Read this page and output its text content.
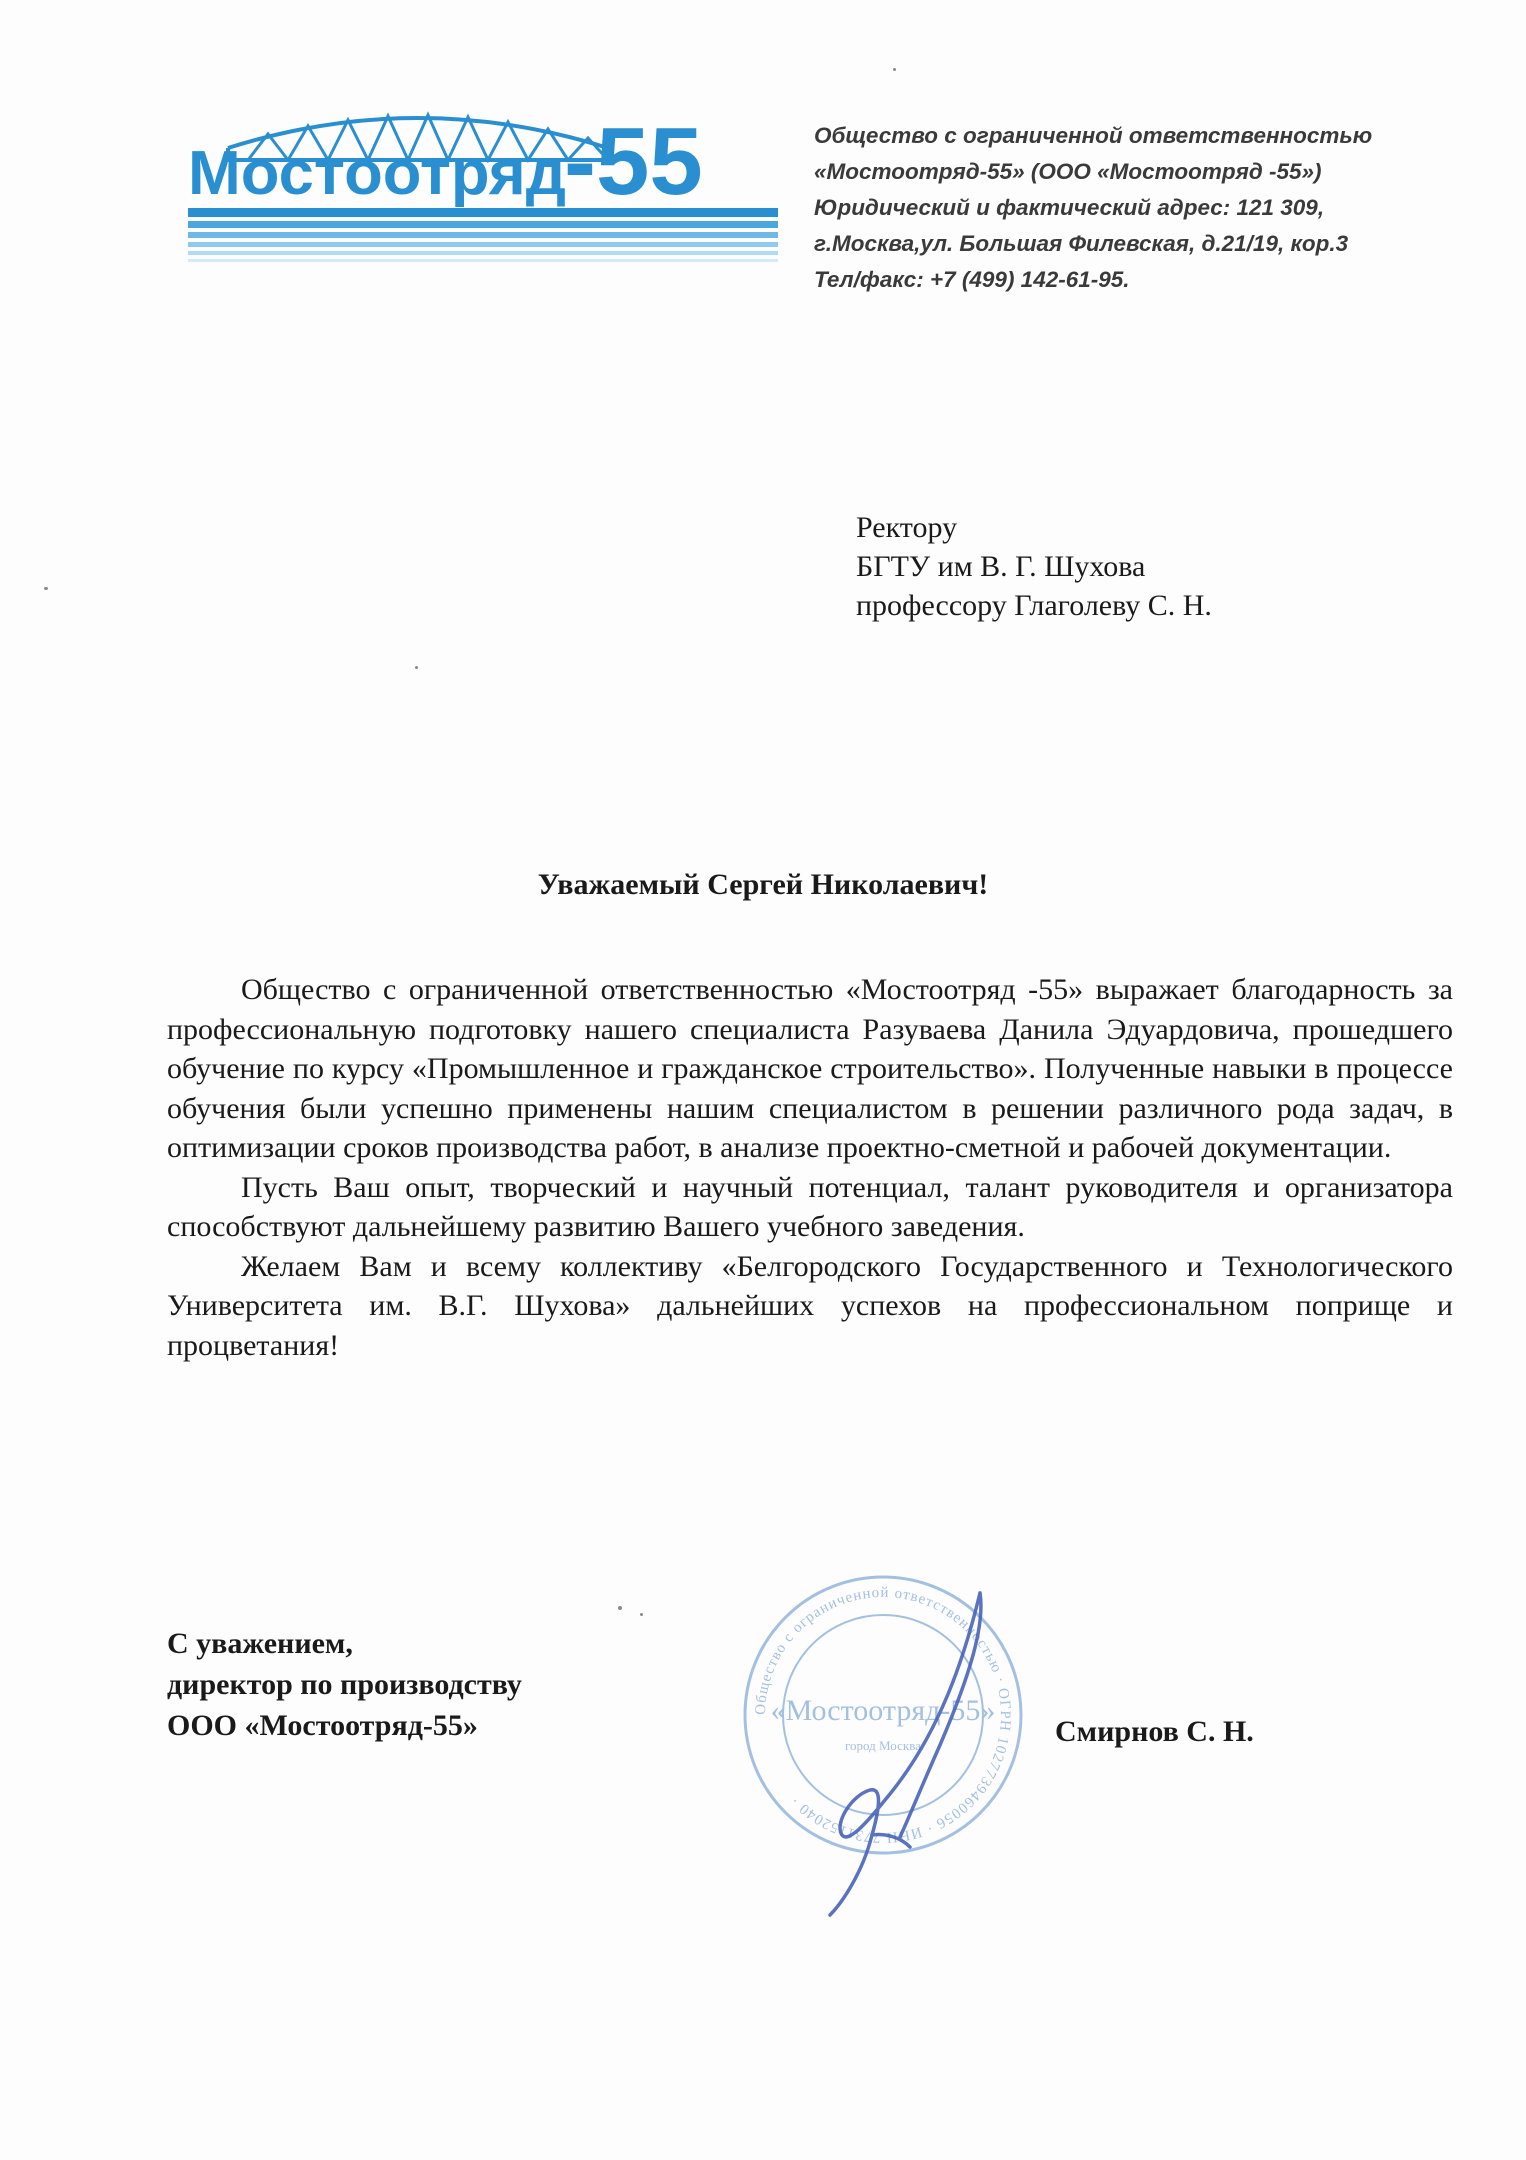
Мостоотряд
-55	Общество с ограниченной ответственностью
«Мостоотряд-55» (ООО «Мостоотряд -55»)
Юридический и фактический адрес: 121 309,
г.Москва,ул. Большая Филевская, д.21/19, кор.3
Тел/факс: +7 (499) 142-61-95.
Ректору
БГТУ им В. Г. Шухова
профессору Глаголеву С. Н.
Уважаемый Сергей Николаевич!

Общество с ограниченной ответственностью «Мостоотряд -55» выражает благодарность за профессиональную подготовку нашего специалиста Разуваева Данила Эдуардовича, прошедшего обучение по курсу «Промышленное и гражданское строительство». Полученные навыки в процессе обучения были успешно применены нашим специалистом в решении различного рода задач, в оптимизации сроков производства работ, в анализе проектно-сметной и рабочей документации.

Пусть Ваш опыт, творческий и научный потенциал, талант руководителя и организатора способствуют дальнейшему развитию Вашего учебного заведения.

Желаем Вам и всему коллективу «Белгородского Государственного и Технологического Университета им. В.Г. Шухова» дальнейших успехов на профессиональном поприще и процветания!

Общество с ограниченной ответственностью · ОГРН 1027739460056 · ИНН 7731152040 ·
«Мостоотряд-55»
город Москва
С уважением,
директор по производству
ООО «Мостоотряд-55»	Смирнов С. Н.
